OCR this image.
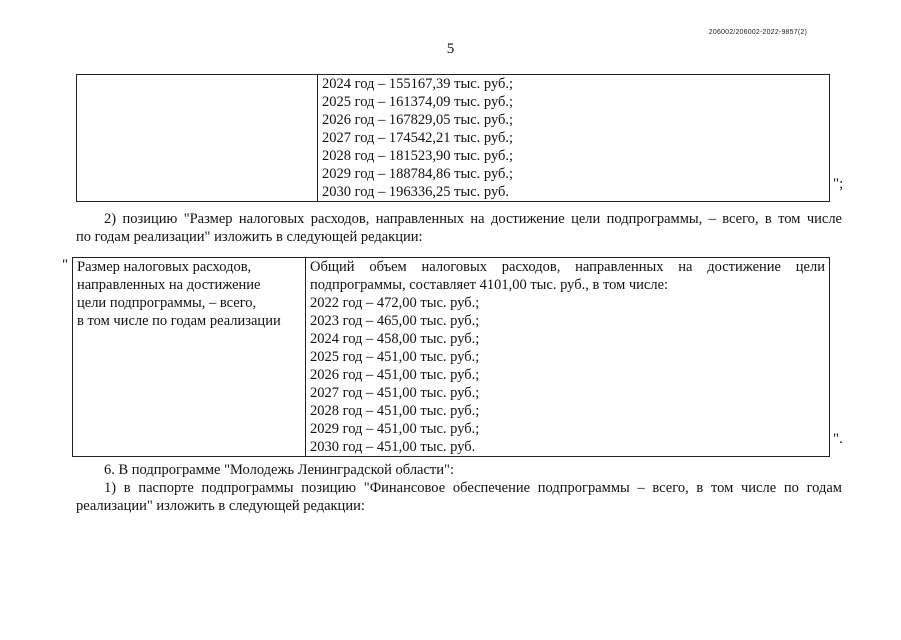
206002/206002-2022-9857(2)
5

2024 год – 155167,39 тыс. руб.;
2025 год – 161374,09 тыс. руб.;
2026 год – 167829,05 тыс. руб.;
2027 год – 174542,21 тыс. руб.;
2028 год – 181523,90 тыс. руб.;
2029 год – 188784,86 тыс. руб.;
2030 год – 196336,25 тыс. руб.	";
2) позицию "Размер налоговых расходов, направленных на достижение цели подпрограммы, – всего, в том числе
по годам реализации" изложить в следующей редакции:
" Размер налоговых расходов,
направленных на достижение
цели подпрограммы, – всего,
в том числе по годам реализации

Общий объем налоговых расходов, направленных на достижение цели
подпрограммы, составляет 4101,00 тыс. руб., в том числе:
2022 год – 472,00 тыс. руб.;
2023 год – 465,00 тыс. руб.;
2024 год – 458,00 тыс. руб.;
2025 год – 451,00 тыс. руб.;
2026 год – 451,00 тыс. руб.;
2027 год – 451,00 тыс. руб.;
2028 год – 451,00 тыс. руб.;
2029 год – 451,00 тыс. руб.;
2030 год – 451,00 тыс. руб.	".
6. В подпрограмме "Молодежь Ленинградской области":
1) в паспорте подпрограммы позицию "Финансовое обеспечение подпрограммы – всего, в том числе по годам
реализации" изложить в следующей редакции:
